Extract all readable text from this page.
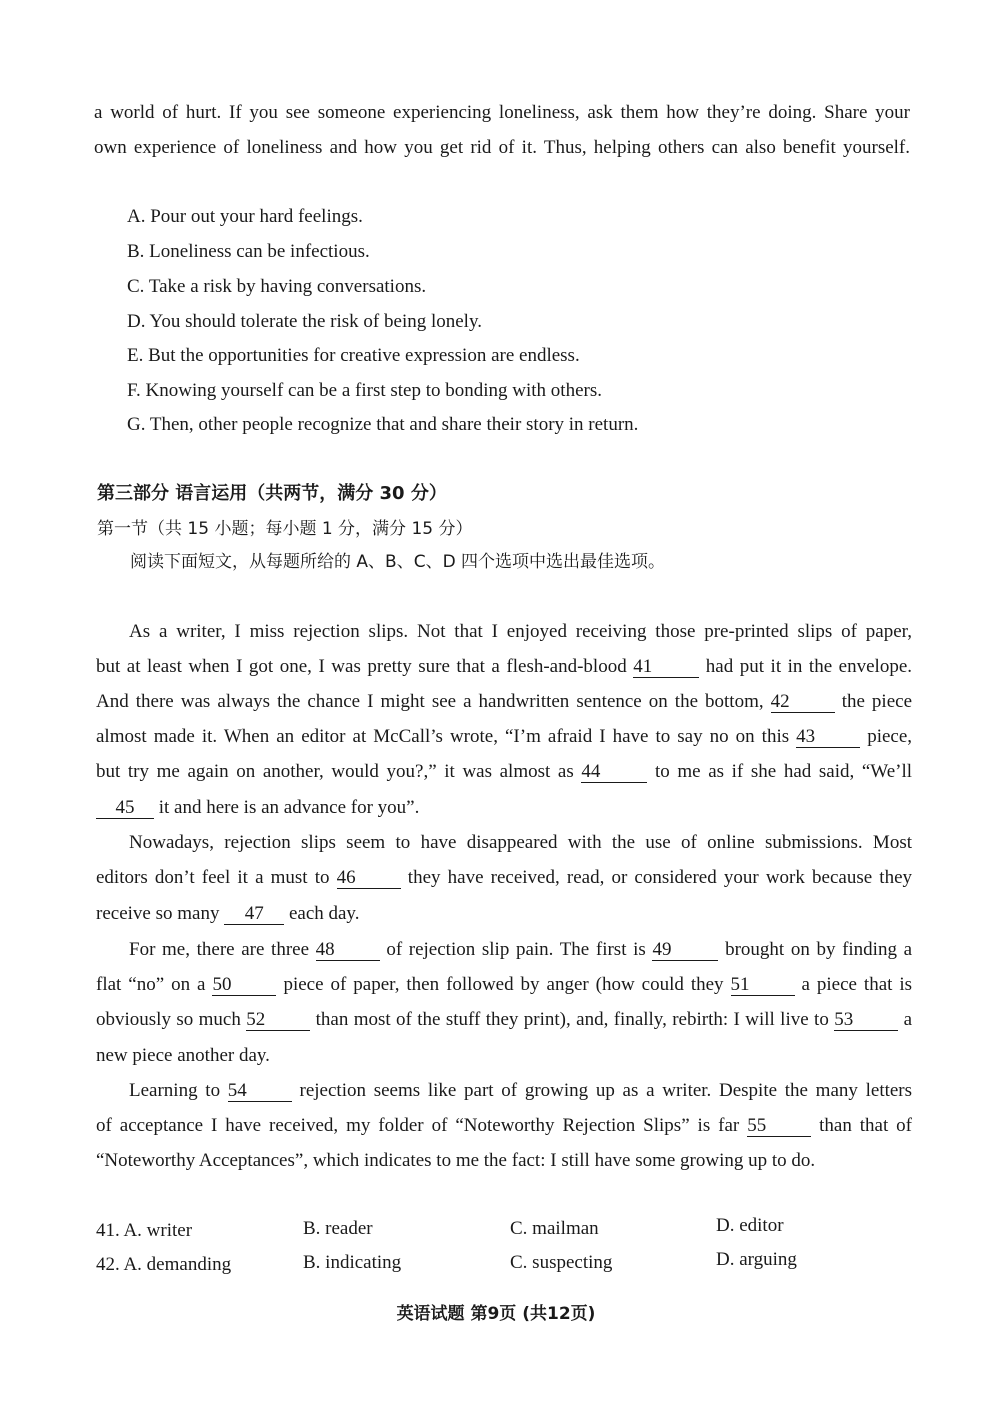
a world of hurt. If you see someone experiencing loneliness, ask them how they’re doing. Share your
own experience of loneliness and how you get rid of it. Thus, helping others can also benefit yourself.
A. Pour out your hard feelings.
B. Loneliness can be infectious.
C. Take a risk by having conversations.
D. You should tolerate the risk of being lonely.
E. But the opportunities for creative expression are endless.
F. Knowing yourself can be a first step to bonding with others.
G. Then, other people recognize that and share their story in return.
第三部分 语言运用（共两节，满分 30 分）
第一节（共 15 小题；每小题 1 分，满分 15 分）
阅读下面短文，从每题所给的 A、B、C、D 四个选项中选出最佳选项。
As a writer, I miss rejection slips. Not that I enjoyed receiving those pre-printed slips of paper,
but at least when I got one, I was pretty sure that a flesh-and-blood 41	had put it in the envelope.
And there was always the chance I might see a handwritten sentence on the bottom, 42	the piece
almost made it. When an editor at McCall’s wrote, “I’m afraid I have to say no on this 43	piece,
but try me again on another, would you?,” it was almost as 44	to me as if she had said, “We’ll
45 it and here is an advance for you”.
Nowadays, rejection slips seem to have disappeared with the use of online submissions. Most
editors don’t feel it a must to 46	they have received, read, or considered your work because they
receive so many 47 each day.
For me, there are three 48	of rejection slip pain. The first is 49	brought on by finding a
flat “no” on a 50	piece of paper, then followed by anger (how could they 51	a piece that is
obviously so much 52	than most of the stuff they print), and, finally, rebirth: I will live to 53	a
new piece another day.
Learning to 54	rejection seems like part of growing up as a writer. Despite the many letters
of acceptance I have received, my folder of “Noteworthy Rejection Slips” is far 55	than that of
“Noteworthy Acceptances”, which indicates to me the fact: I still have some growing up to do.
41. A. writer	B. reader	C. mailman	D. editor
42. A. demanding	B. indicating	C. suspecting	D. arguing
英语试题 第9页 (共12页)
